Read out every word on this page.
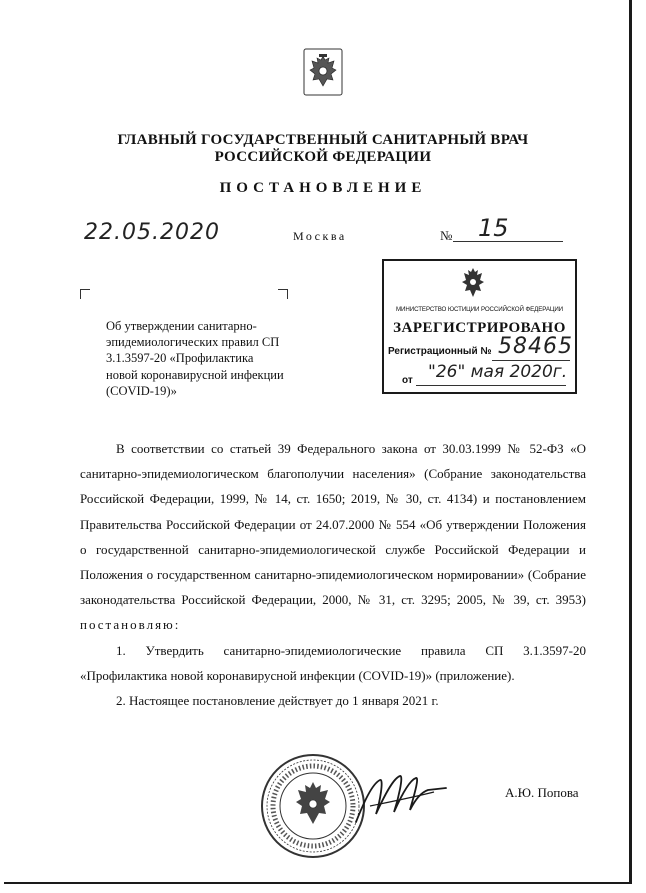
ГЛАВНЫЙ ГОСУДАРСТВЕННЫЙ САНИТАРНЫЙ ВРАЧ
РОССИЙСКОЙ ФЕДЕРАЦИИ
ПОСТАНОВЛЕНИЕ
22.05.2020	Москва	№ 15
Об утверждении санитарно-эпидемиологических правил СП 3.1.3597-20 «Профилактика новой коронавирусной инфекции (COVID-19)»
МИНИСТЕРСТВО ЮСТИЦИИ РОССИЙСКОЙ ФЕДЕРАЦИИ
ЗАРЕГИСТРИРОВАНО
Регистрационный № 58465
от "26" мая 2020г.

В соответствии со статьей 39 Федерального закона от 30.03.1999 № 52-ФЗ «О санитарно-эпидемиологическом благополучии населения» (Собрание законодательства Российской Федерации, 1999, № 14, ст. 1650; 2019, № 30, ст. 4134) и постановлением Правительства Российской Федерации от 24.07.2000 № 554 «Об утверждении Положения о государственной санитарно-эпидемиологической службе Российской Федерации и Положения о государственном санитарно-эпидемиологическом нормировании» (Собрание законодательства Российской Федерации, 2000, № 31, ст. 3295; 2005, № 39, ст. 3953) постановляю:

1. Утвердить санитарно-эпидемиологические правила СП 3.1.3597-20 «Профилактика новой коронавирусной инфекции (COVID-19)» (приложение).

2. Настоящее постановление действует до 1 января 2021 г.

А.Ю. Попова
